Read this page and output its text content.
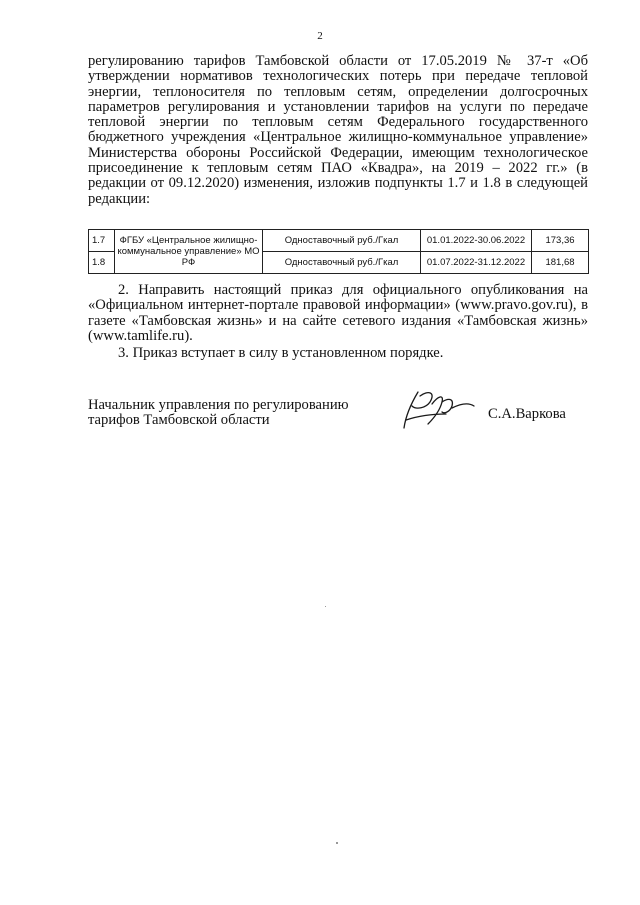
2

регулированию тарифов Тамбовской области от 17.05.2019 № 37-т «Об утверждении нормативов технологических потерь при передаче тепловой энергии, теплоносителя по тепловым сетям, определении долгосрочных параметров регулирования и установлении тарифов на услуги по передаче тепловой энергии по тепловым сетям Федерального государственного бюджетного учреждения «Центральное жилищно-коммунальное управление» Министерства обороны Российской Федерации, имеющим технологическое присоединение к тепловым сетям ПАО «Квадра», на 2019 – 2022 гг.» (в редакции от 09.12.2020) изменения, изложив подпункты 1.7 и 1.8 в следующей редакции:

1.7	ФГБУ «Центральное жилищно-коммунальное управление» МО РФ	Одноставочный руб./Гкал	01.01.2022-30.06.2022	173,36
1.8		Одноставочный руб./Гкал	01.07.2022-31.12.2022	181,68

2. Направить настоящий приказ для официального опубликования на «Официальном интернет-портале правовой информации» (www.pravo.gov.ru), в газете «Тамбовская жизнь» и на сайте сетевого издания «Тамбовская жизнь» (www.tamlife.ru).

3. Приказ вступает в силу в установленном порядке.

Начальник управления по регулированию
тарифов Тамбовской области	С.А.Варкова
